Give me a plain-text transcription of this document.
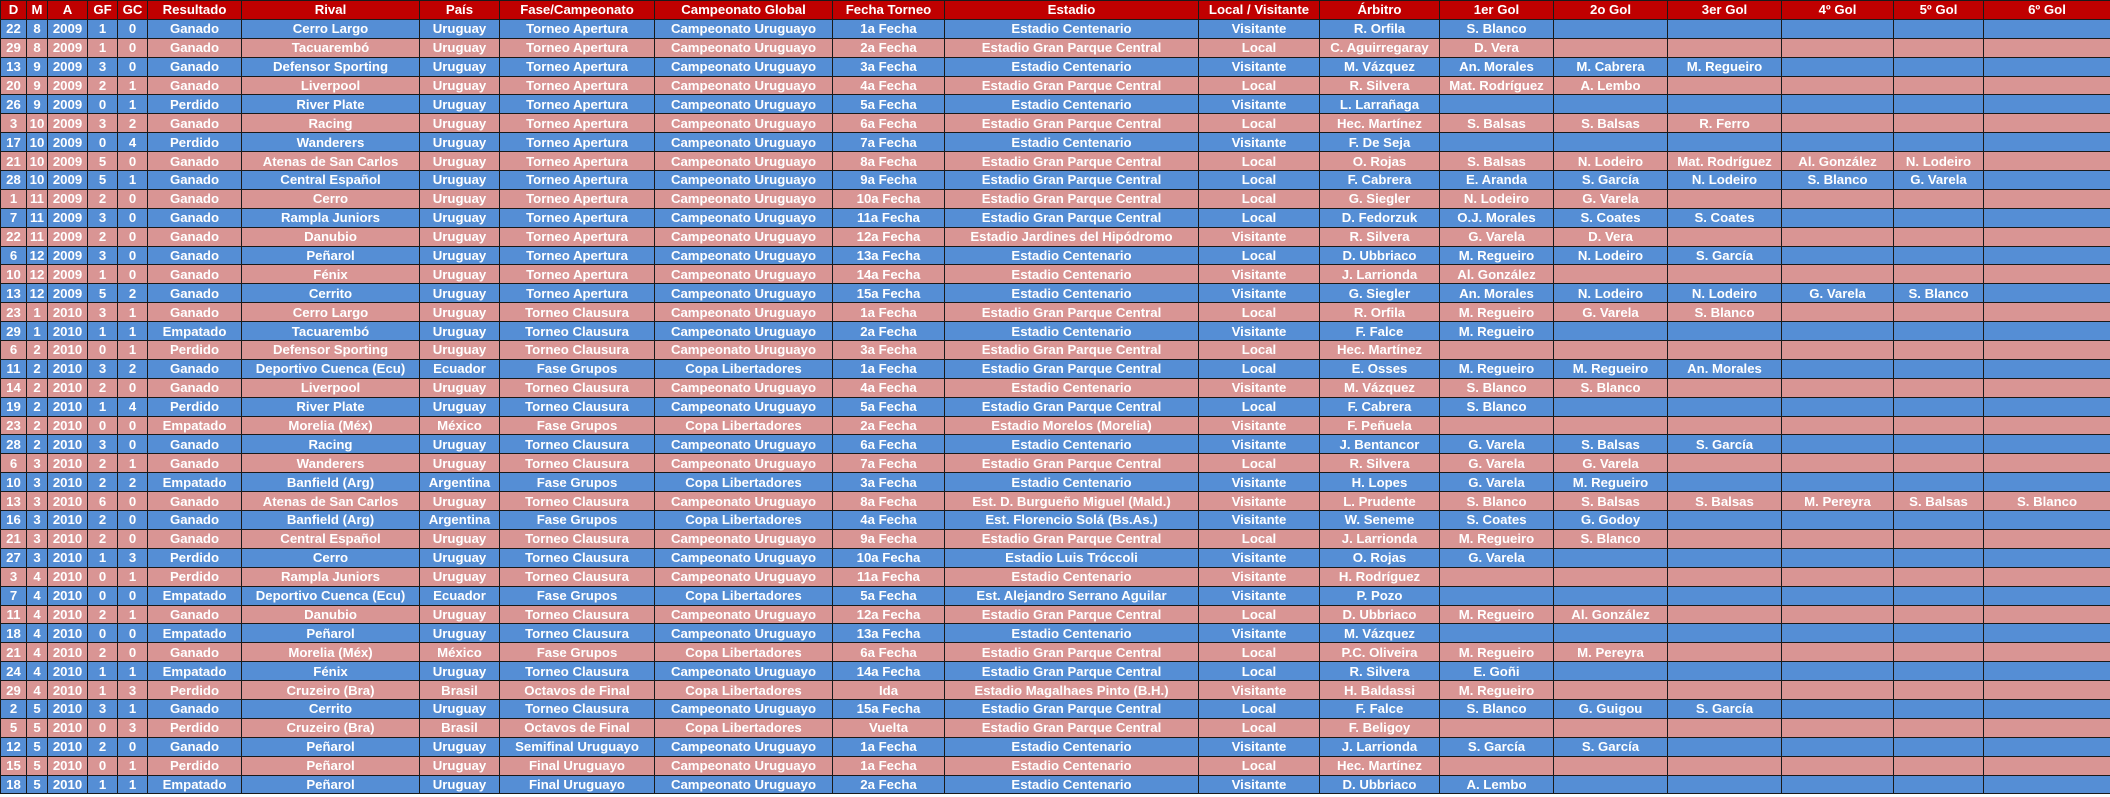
D	M	A	GF	GC	Resultado	Rival	País	Fase/Campeonato	Campeonato Global	Fecha Torneo	Estadio	Local / Visitante	Árbitro	1er Gol	2o Gol	3er Gol	4º Gol	5º Gol	6º Gol
22	8	2009	1	0	Ganado	Cerro Largo	Uruguay	Torneo Apertura	Campeonato Uruguayo	1a Fecha	Estadio Centenario	Visitante	R. Orfila	S. Blanco					
29	8	2009	1	0	Ganado	Tacuarembó	Uruguay	Torneo Apertura	Campeonato Uruguayo	2a Fecha	Estadio Gran Parque Central	Local	C. Aguirregaray	D. Vera					
13	9	2009	3	0	Ganado	Defensor Sporting	Uruguay	Torneo Apertura	Campeonato Uruguayo	3a Fecha	Estadio Centenario	Visitante	M. Vázquez	An. Morales	M. Cabrera	M. Regueiro			
20	9	2009	2	1	Ganado	Liverpool	Uruguay	Torneo Apertura	Campeonato Uruguayo	4a Fecha	Estadio Gran Parque Central	Local	R. Silvera	Mat. Rodríguez	A. Lembo				
26	9	2009	0	1	Perdido	River Plate	Uruguay	Torneo Apertura	Campeonato Uruguayo	5a Fecha	Estadio Centenario	Visitante	L. Larrañaga						
3	10	2009	3	2	Ganado	Racing	Uruguay	Torneo Apertura	Campeonato Uruguayo	6a Fecha	Estadio Gran Parque Central	Local	Hec. Martínez	S. Balsas	S. Balsas	R. Ferro			
17	10	2009	0	4	Perdido	Wanderers	Uruguay	Torneo Apertura	Campeonato Uruguayo	7a Fecha	Estadio Centenario	Visitante	F. De Seja						
21	10	2009	5	0	Ganado	Atenas de San Carlos	Uruguay	Torneo Apertura	Campeonato Uruguayo	8a Fecha	Estadio Gran Parque Central	Local	O. Rojas	S. Balsas	N. Lodeiro	Mat. Rodríguez	Al. González	N. Lodeiro	
28	10	2009	5	1	Ganado	Central Español	Uruguay	Torneo Apertura	Campeonato Uruguayo	9a Fecha	Estadio Gran Parque Central	Local	F. Cabrera	E. Aranda	S. García	N. Lodeiro	S. Blanco	G. Varela	
1	11	2009	2	0	Ganado	Cerro	Uruguay	Torneo Apertura	Campeonato Uruguayo	10a Fecha	Estadio Gran Parque Central	Local	G. Siegler	N. Lodeiro	G. Varela				
7	11	2009	3	0	Ganado	Rampla Juniors	Uruguay	Torneo Apertura	Campeonato Uruguayo	11a Fecha	Estadio Gran Parque Central	Local	D. Fedorzuk	O.J. Morales	S. Coates	S. Coates			
22	11	2009	2	0	Ganado	Danubio	Uruguay	Torneo Apertura	Campeonato Uruguayo	12a Fecha	Estadio Jardines del Hipódromo	Visitante	R. Silvera	G. Varela	D. Vera				
6	12	2009	3	0	Ganado	Peñarol	Uruguay	Torneo Apertura	Campeonato Uruguayo	13a Fecha	Estadio Centenario	Local	D. Ubbriaco	M. Regueiro	N. Lodeiro	S. García			
10	12	2009	1	0	Ganado	Fénix	Uruguay	Torneo Apertura	Campeonato Uruguayo	14a Fecha	Estadio Centenario	Visitante	J. Larrionda	Al. González					
13	12	2009	5	2	Ganado	Cerrito	Uruguay	Torneo Apertura	Campeonato Uruguayo	15a Fecha	Estadio Centenario	Visitante	G. Siegler	An. Morales	N. Lodeiro	N. Lodeiro	G. Varela	S. Blanco	
23	1	2010	3	1	Ganado	Cerro Largo	Uruguay	Torneo Clausura	Campeonato Uruguayo	1a Fecha	Estadio Gran Parque Central	Local	R. Orfila	M. Regueiro	G. Varela	S. Blanco			
29	1	2010	1	1	Empatado	Tacuarembó	Uruguay	Torneo Clausura	Campeonato Uruguayo	2a Fecha	Estadio Centenario	Visitante	F. Falce	M. Regueiro					
6	2	2010	0	1	Perdido	Defensor Sporting	Uruguay	Torneo Clausura	Campeonato Uruguayo	3a Fecha	Estadio Gran Parque Central	Local	Hec. Martínez						
11	2	2010	3	2	Ganado	Deportivo Cuenca (Ecu)	Ecuador	Fase Grupos	Copa Libertadores	1a Fecha	Estadio Gran Parque Central	Local	E. Osses	M. Regueiro	M. Regueiro	An. Morales			
14	2	2010	2	0	Ganado	Liverpool	Uruguay	Torneo Clausura	Campeonato Uruguayo	4a Fecha	Estadio Centenario	Visitante	M. Vázquez	S. Blanco	S. Blanco				
19	2	2010	1	4	Perdido	River Plate	Uruguay	Torneo Clausura	Campeonato Uruguayo	5a Fecha	Estadio Gran Parque Central	Local	F. Cabrera	S. Blanco					
23	2	2010	0	0	Empatado	Morelia (Méx)	México	Fase Grupos	Copa Libertadores	2a Fecha	Estadio Morelos (Morelia)	Visitante	F. Peñuela						
28	2	2010	3	0	Ganado	Racing	Uruguay	Torneo Clausura	Campeonato Uruguayo	6a Fecha	Estadio Centenario	Visitante	J. Bentancor	G. Varela	S. Balsas	S. García			
6	3	2010	2	1	Ganado	Wanderers	Uruguay	Torneo Clausura	Campeonato Uruguayo	7a Fecha	Estadio Gran Parque Central	Local	R. Silvera	G. Varela	G. Varela				
10	3	2010	2	2	Empatado	Banfield (Arg)	Argentina	Fase Grupos	Copa Libertadores	3a Fecha	Estadio Centenario	Visitante	H. Lopes	G. Varela	M. Regueiro				
13	3	2010	6	0	Ganado	Atenas de San Carlos	Uruguay	Torneo Clausura	Campeonato Uruguayo	8a Fecha	Est. D. Burgueño Miguel (Mald.)	Visitante	L. Prudente	S. Blanco	S. Balsas	S. Balsas	M. Pereyra	S. Balsas	S. Blanco
16	3	2010	2	0	Ganado	Banfield (Arg)	Argentina	Fase Grupos	Copa Libertadores	4a Fecha	Est. Florencio Solá (Bs.As.)	Visitante	W. Seneme	S. Coates	G. Godoy				
21	3	2010	2	0	Ganado	Central Español	Uruguay	Torneo Clausura	Campeonato Uruguayo	9a Fecha	Estadio Gran Parque Central	Local	J. Larrionda	M. Regueiro	S. Blanco				
27	3	2010	1	3	Perdido	Cerro	Uruguay	Torneo Clausura	Campeonato Uruguayo	10a Fecha	Estadio Luis Tróccoli	Visitante	O. Rojas	G. Varela					
3	4	2010	0	1	Perdido	Rampla Juniors	Uruguay	Torneo Clausura	Campeonato Uruguayo	11a Fecha	Estadio Centenario	Visitante	H. Rodríguez						
7	4	2010	0	0	Empatado	Deportivo Cuenca (Ecu)	Ecuador	Fase Grupos	Copa Libertadores	5a Fecha	Est. Alejandro Serrano Aguilar	Visitante	P. Pozo						
11	4	2010	2	1	Ganado	Danubio	Uruguay	Torneo Clausura	Campeonato Uruguayo	12a Fecha	Estadio Gran Parque Central	Local	D. Ubbriaco	M. Regueiro	Al. González				
18	4	2010	0	0	Empatado	Peñarol	Uruguay	Torneo Clausura	Campeonato Uruguayo	13a Fecha	Estadio Centenario	Visitante	M. Vázquez						
21	4	2010	2	0	Ganado	Morelia (Méx)	México	Fase Grupos	Copa Libertadores	6a Fecha	Estadio Gran Parque Central	Local	P.C. Oliveira	M. Regueiro	M. Pereyra				
24	4	2010	1	1	Empatado	Fénix	Uruguay	Torneo Clausura	Campeonato Uruguayo	14a Fecha	Estadio Gran Parque Central	Local	R. Silvera	E. Goñi					
29	4	2010	1	3	Perdido	Cruzeiro (Bra)	Brasil	Octavos de Final	Copa Libertadores	Ida	Estadio Magalhaes Pinto (B.H.)	Visitante	H. Baldassi	M. Regueiro					
2	5	2010	3	1	Ganado	Cerrito	Uruguay	Torneo Clausura	Campeonato Uruguayo	15a Fecha	Estadio Gran Parque Central	Local	F. Falce	S. Blanco	G. Guigou	S. García			
5	5	2010	0	3	Perdido	Cruzeiro (Bra)	Brasil	Octavos de Final	Copa Libertadores	Vuelta	Estadio Gran Parque Central	Local	F. Beligoy						
12	5	2010	2	0	Ganado	Peñarol	Uruguay	Semifinal Uruguayo	Campeonato Uruguayo	1a Fecha	Estadio Centenario	Visitante	J. Larrionda	S. García	S. García				
15	5	2010	0	1	Perdido	Peñarol	Uruguay	Final Uruguayo	Campeonato Uruguayo	1a Fecha	Estadio Centenario	Local	Hec. Martínez						
18	5	2010	1	1	Empatado	Peñarol	Uruguay	Final Uruguayo	Campeonato Uruguayo	2a Fecha	Estadio Centenario	Visitante	D. Ubbriaco	A. Lembo					
